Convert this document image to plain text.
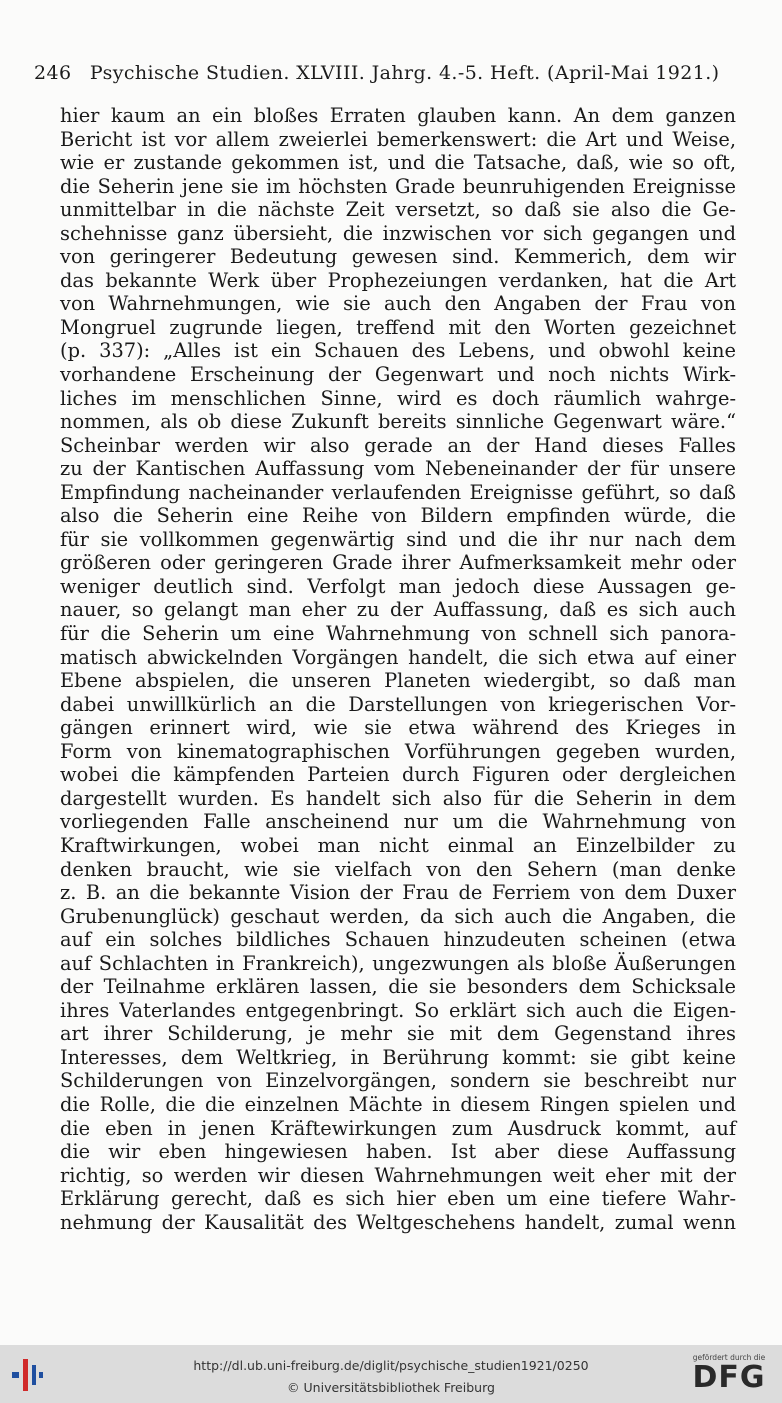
246 Psychische Studien. XLVIII. Jahrg. 4.-5. Heft. (April-Mai 1921.)
hier kaum an ein bloßes Erraten glauben kann. An dem ganzen
Bericht ist vor allem zweierlei bemerkenswert: die Art und Weise,
wie er zustande gekommen ist, und die Tatsache, daß, wie so oft,
die Seherin jene sie im höchsten Grade beunruhigenden Ereignisse
unmittelbar in die nächste Zeit versetzt, so daß sie also die Ge-
schehnisse ganz übersieht, die inzwischen vor sich gegangen und
von geringerer Bedeutung gewesen sind. Kemmerich, dem wir
das bekannte Werk über Prophezeiungen verdanken, hat die Art
von Wahrnehmungen, wie sie auch den Angaben der Frau von
Mongruel zugrunde liegen, treffend mit den Worten gezeichnet
(p. 337): „Alles ist ein Schauen des Lebens, und obwohl keine
vorhandene Erscheinung der Gegenwart und noch nichts Wirk-
liches im menschlichen Sinne, wird es doch räumlich wahrge-
nommen, als ob diese Zukunft bereits sinnliche Gegenwart wäre.“
Scheinbar werden wir also gerade an der Hand dieses Falles
zu der Kantischen Auffassung vom Nebeneinander der für unsere
Empfindung nacheinander verlaufenden Ereignisse geführt, so daß
also die Seherin eine Reihe von Bildern empfinden würde, die
für sie vollkommen gegenwärtig sind und die ihr nur nach dem
größeren oder geringeren Grade ihrer Aufmerksamkeit mehr oder
weniger deutlich sind. Verfolgt man jedoch diese Aussagen ge-
nauer, so gelangt man eher zu der Auffassung, daß es sich auch
für die Seherin um eine Wahrnehmung von schnell sich panora-
matisch abwickelnden Vorgängen handelt, die sich etwa auf einer
Ebene abspielen, die unseren Planeten wiedergibt, so daß man
dabei unwillkürlich an die Darstellungen von kriegerischen Vor-
gängen erinnert wird, wie sie etwa während des Krieges in
Form von kinematographischen Vorführungen gegeben wurden,
wobei die kämpfenden Parteien durch Figuren oder dergleichen
dargestellt wurden. Es handelt sich also für die Seherin in dem
vorliegenden Falle anscheinend nur um die Wahrnehmung von
Kraftwirkungen, wobei man nicht einmal an Einzelbilder zu
denken braucht, wie sie vielfach von den Sehern (man denke
z. B. an die bekannte Vision der Frau de Ferriem von dem Duxer
Grubenunglück) geschaut werden, da sich auch die Angaben, die
auf ein solches bildliches Schauen hinzudeuten scheinen (etwa
auf Schlachten in Frankreich), ungezwungen als bloße Äußerungen
der Teilnahme erklären lassen, die sie besonders dem Schicksale
ihres Vaterlandes entgegenbringt. So erklärt sich auch die Eigen-
art ihrer Schilderung, je mehr sie mit dem Gegenstand ihres
Interesses, dem Weltkrieg, in Berührung kommt: sie gibt keine
Schilderungen von Einzelvorgängen, sondern sie beschreibt nur
die Rolle, die die einzelnen Mächte in diesem Ringen spielen und
die eben in jenen Kräftewirkungen zum Ausdruck kommt, auf
die wir eben hingewiesen haben. Ist aber diese Auffassung
richtig, so werden wir diesen Wahrnehmungen weit eher mit der
Erklärung gerecht, daß es sich hier eben um eine tiefere Wahr-
nehmung der Kausalität des Weltgeschehens handelt, zumal wenn
http://dl.ub.uni-freiburg.de/diglit/psychische_studien1921/0250
© Universitätsbibliothek Freiburg
gefördert durch die
DFG
